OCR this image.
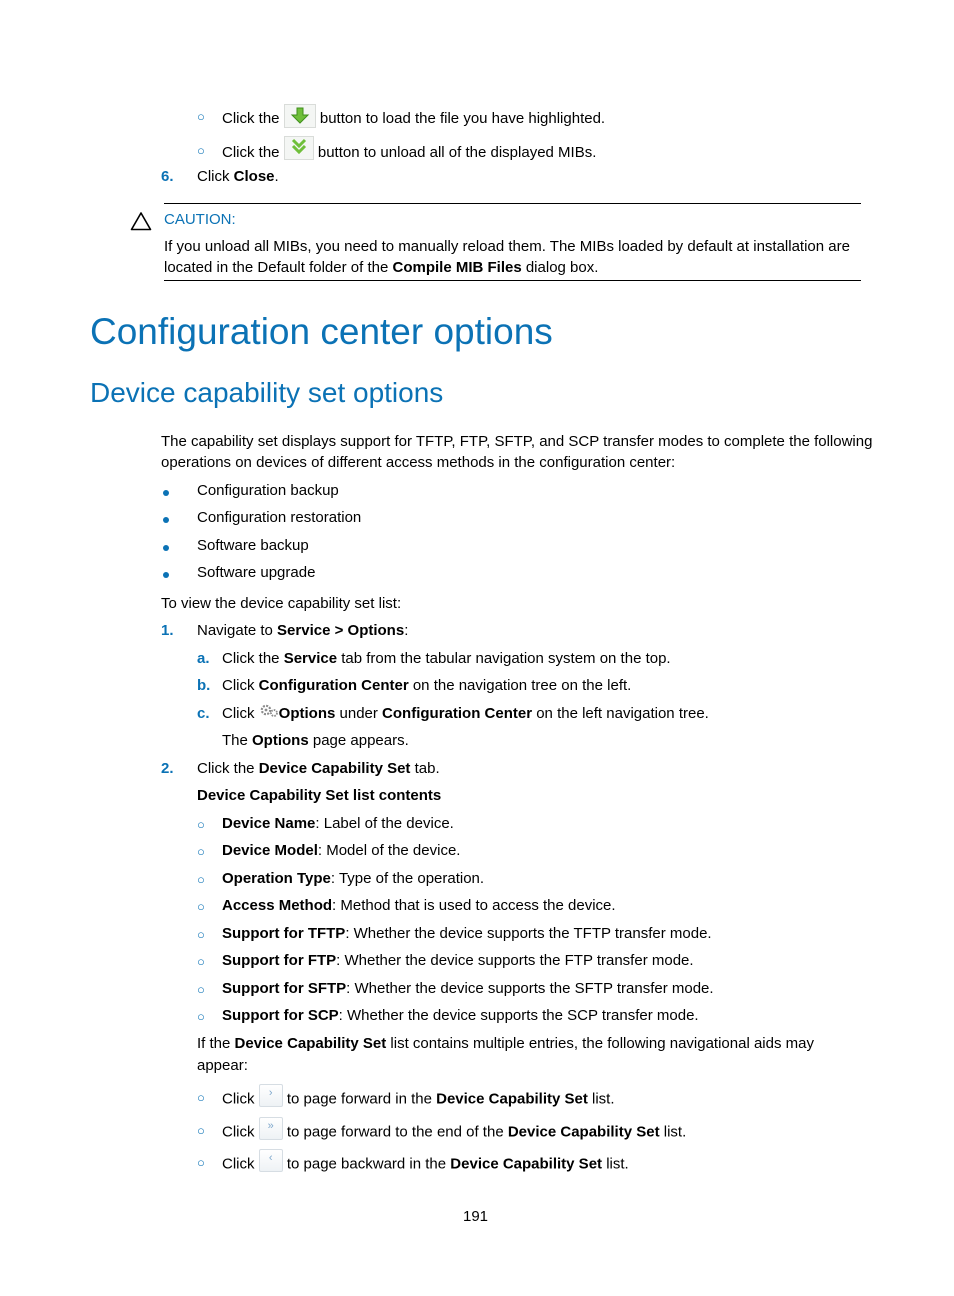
○ Click the	button to load the file you have highlighted.
○ Click the	button to unload all of the displayed MIBs.
6. Click Close.
CAUTION:
If you unload all MIBs, you need to manually reload them. The MIBs loaded by default at installation are
located in the Default folder of the Compile MIB Files dialog box.
Configuration center options
Device capability set options
The capability set displays support for TFTP, FTP, SFTP, and SCP transfer modes to complete the following
operations on devices of different access methods in the configuration center:
Configuration backup
Configuration restoration
Software backup
Software upgrade
To view the device capability set list:
1. Navigate to Service > Options:
a. Click the Service tab from the tabular navigation system on the top.
b. Click Configuration Center on the navigation tree on the left.
c. Click Options under Configuration Center on the left navigation tree.
The Options page appears.
2. Click the Device Capability Set tab.
Device Capability Set list contents
○ Device Name: Label of the device.
○ Device Model: Model of the device.
○ Operation Type: Type of the operation.
○ Access Method: Method that is used to access the device.
○ Support for TFTP: Whether the device supports the TFTP transfer mode.
○ Support for FTP: Whether the device supports the FTP transfer mode.
○ Support for SFTP: Whether the device supports the SFTP transfer mode.
○ Support for SCP: Whether the device supports the SCP transfer mode.
If the Device Capability Set list contains multiple entries, the following navigational aids may
appear:
○ Click › to page forward in the Device Capability Set list.
○ Click » to page forward to the end of the Device Capability Set list.
○ Click ‹ to page backward in the Device Capability Set list.
191
